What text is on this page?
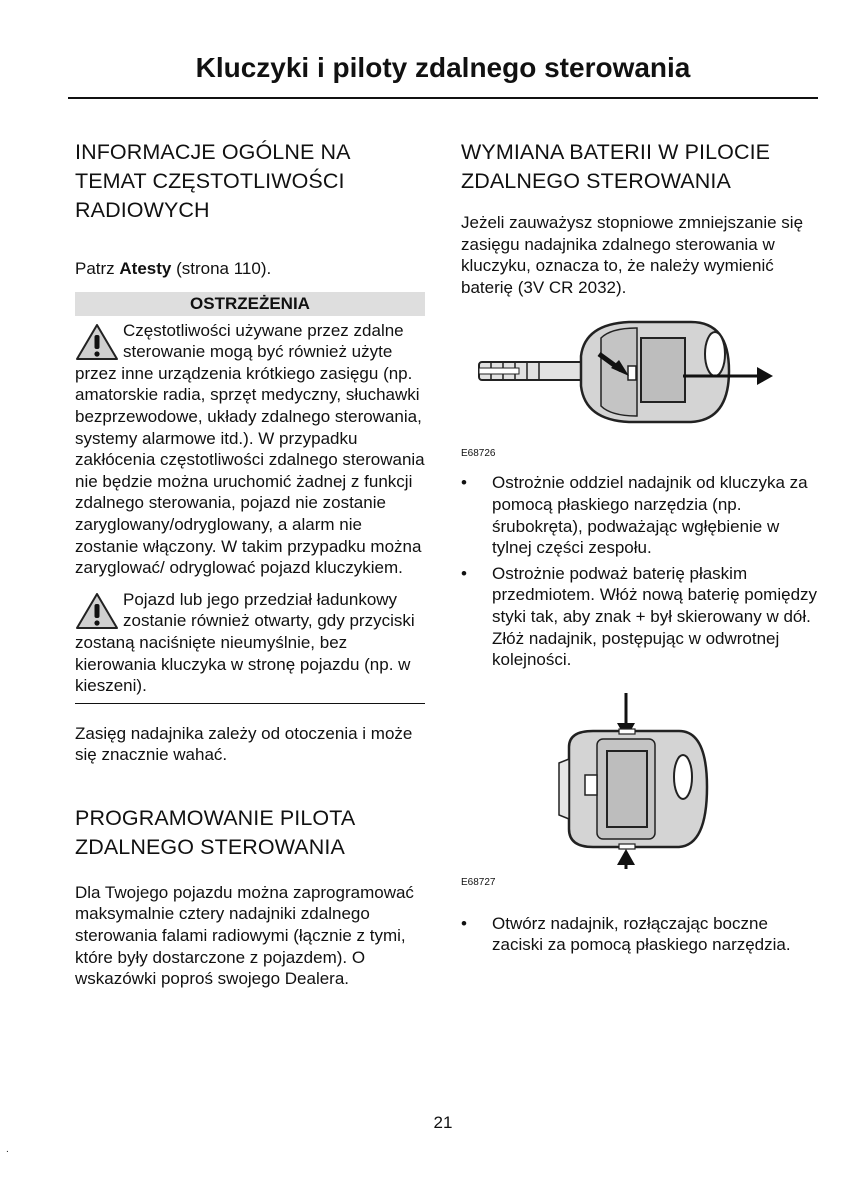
Kluczyki i piloty zdalnego sterowania
INFORMACJE OGÓLNE NA TEMAT CZĘSTOTLIWOŚCI RADIOWYCH

Patrz Atesty (strona 110).

OSTRZEŻENIA

Częstotliwości używane przez zdalne sterowanie mogą być również użyte przez inne urządzenia krótkiego zasięgu (np. amatorskie radia, sprzęt medyczny, słuchawki bezprzewodowe, układy zdalnego sterowania, systemy alarmowe itd.). W przypadku zakłócenia częstotliwości zdalnego sterowania nie będzie można uruchomić żadnej z funkcji zdalnego sterowania, pojazd nie zostanie zaryglowany/odryglowany, a alarm nie zostanie włączony. W takim przypadku można zaryglować/ odryglować pojazd kluczykiem.

Pojazd lub jego przedział ładunkowy zostanie również otwarty, gdy przyciski zostaną naciśnięte nieumyślnie, bez kierowania kluczyka w stronę pojazdu (np. w kieszeni).

Zasięg nadajnika zależy od otoczenia i może się znacznie wahać.

PROGRAMOWANIE PILOTA ZDALNEGO STEROWANIA

Dla Twojego pojazdu można zaprogramować maksymalnie cztery nadajniki zdalnego sterowania falami radiowymi (łącznie z tymi, które były dostarczone z pojazdem). O wskazówki poproś swojego Dealera.

WYMIANA BATERII W PILOCIE ZDALNEGO STEROWANIA

Jeżeli zauważysz stopniowe zmniejszanie się zasięgu nadajnika zdalnego sterowania w kluczyku, oznacza to, że należy wymienić baterię (3V CR 2032).

E68726
• Ostrożnie oddziel nadajnik od kluczyka za pomocą płaskiego narzędzia (np. śrubokręta), podważając wgłębienie w tylnej części zespołu.
• Ostrożnie podważ baterię płaskim przedmiotem. Włóż nową baterię pomiędzy styki tak, aby znak + był skierowany w dół. Złóż nadajnik, postępując w odwrotnej kolejności.
E68727
• Otwórz nadajnik, rozłączając boczne zaciski za pomocą płaskiego narzędzia.
21
.
